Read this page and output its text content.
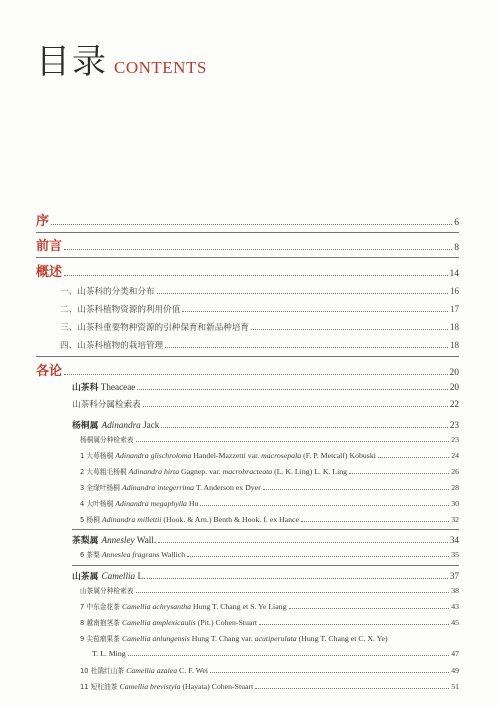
目录 CONTENTS
序	6
前言	8
概述	14
一、山茶科的分类和分布	16
二、山茶科植物资源的利用价值	17
三、山茶科重要物种资源的引种保育和新品种培育	18
四、山茶科植物的栽培管理	18
各论	20
山茶科 Theaceae	20
山茶科分属检索表	22
杨桐属 Adinandra Jack	23
杨桐属分种检索表	23
1 大萼杨桐 Adinandra glischroloma Handel-Mazzetti var. macrosepala (F. P. Metcalf) Kobuski	24
2 大萼粗毛杨桐 Adinandra hirta Gagnep. var. macrobracteata (L. K. Ling) L. K. Ling	26
3 全缘叶杨桐 Adinandra integerrima T. Anderson ex Dyer	28
4 大叶杨桐 Adinandra megaphylla Hu	30
5 杨桐 Adinandra millettii (Hook. & Arn.) Benth & Hook. f. ex Hance	32
茶梨属 Annesley Wall.	34
6 茶梨 Anneslea fragrans Wallich	35
山茶属 Camellia L.	37
山茶属分种检索表	38
7 中东金花茶 Camellia achrysantha Hung T. Chang et S. Ye Liang	43
8 越南抱茎茶 Camellia amplexicaulis (Pit.) Cohen-Stuart	45
9 尖苞瘤果茶 Camellia anlungensis Hung T. Chang var. acutiperulata (Hung T. Chang et C. X. Ye)
T. L. Ming	47
10 杜鹃红山茶 Camellia azalea C. F. Wei	49
11 短柱油茶 Camellia brevistyla (Hayata) Cohen-Stuart	51
